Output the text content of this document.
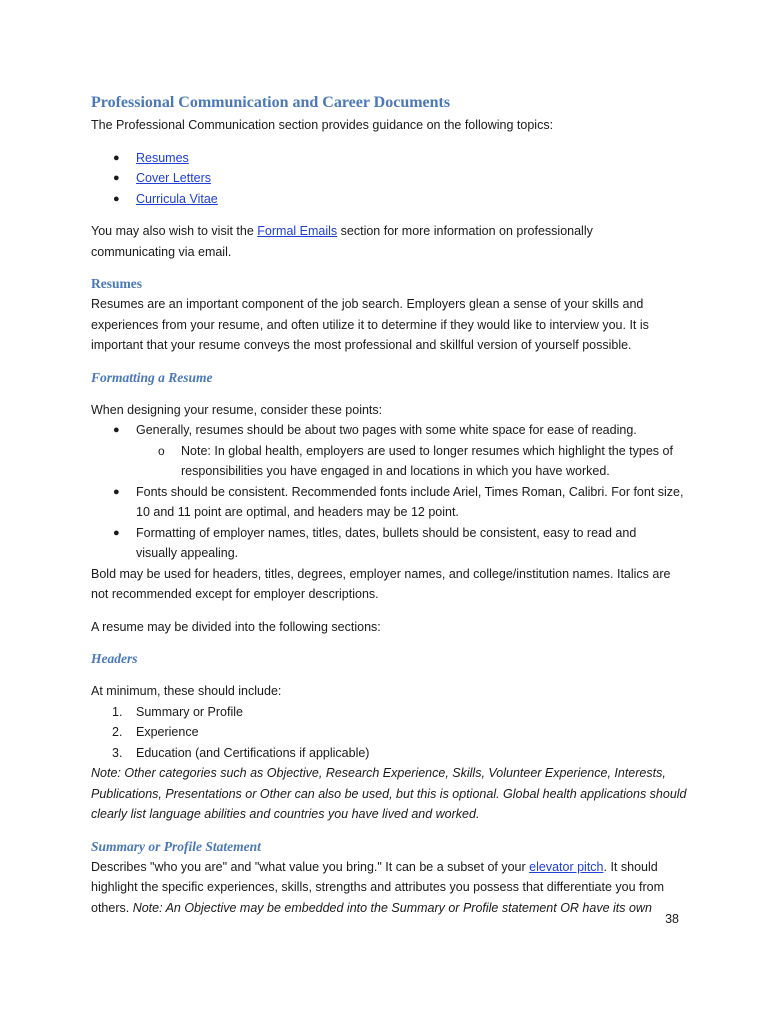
Professional Communication and Career Documents

The Professional Communication section provides guidance on the following topics:

● Resumes
● Cover Letters
● Curricula Vitae

You may also wish to visit the Formal Emails section for more information on professionally communicating via email.

Resumes

Resumes are an important component of the job search. Employers glean a sense of your skills and experiences from your resume, and often utilize it to determine if they would like to interview you. It is important that your resume conveys the most professional and skillful version of yourself possible.

Formatting a Resume

When designing your resume, consider these points:

● Generally, resumes should be about two pages with some white space for ease of reading.
o Note: In global health, employers are used to longer resumes which highlight the types of responsibilities you have engaged in and locations in which you have worked.
● Fonts should be consistent. Recommended fonts include Ariel, Times Roman, Calibri. For font size, 10 and 11 point are optimal, and headers may be 12 point.
● Formatting of employer names, titles, dates, bullets should be consistent, easy to read and visually appealing.

Bold may be used for headers, titles, degrees, employer names, and college/institution names. Italics are not recommended except for employer descriptions.

A resume may be divided into the following sections:

Headers

At minimum, these should include:

1. Summary or Profile
2. Experience
3. Education (and Certifications if applicable)

Note: Other categories such as Objective, Research Experience, Skills, Volunteer Experience, Interests, Publications, Presentations or Other can also be used, but this is optional. Global health applications should clearly list language abilities and countries you have lived and worked.

Summary or Profile Statement

Describes "who you are" and "what value you bring." It can be a subset of your elevator pitch. It should highlight the specific experiences, skills, strengths and attributes you possess that differentiate you from others. Note: An Objective may be embedded into the Summary or Profile statement OR have its own

38
